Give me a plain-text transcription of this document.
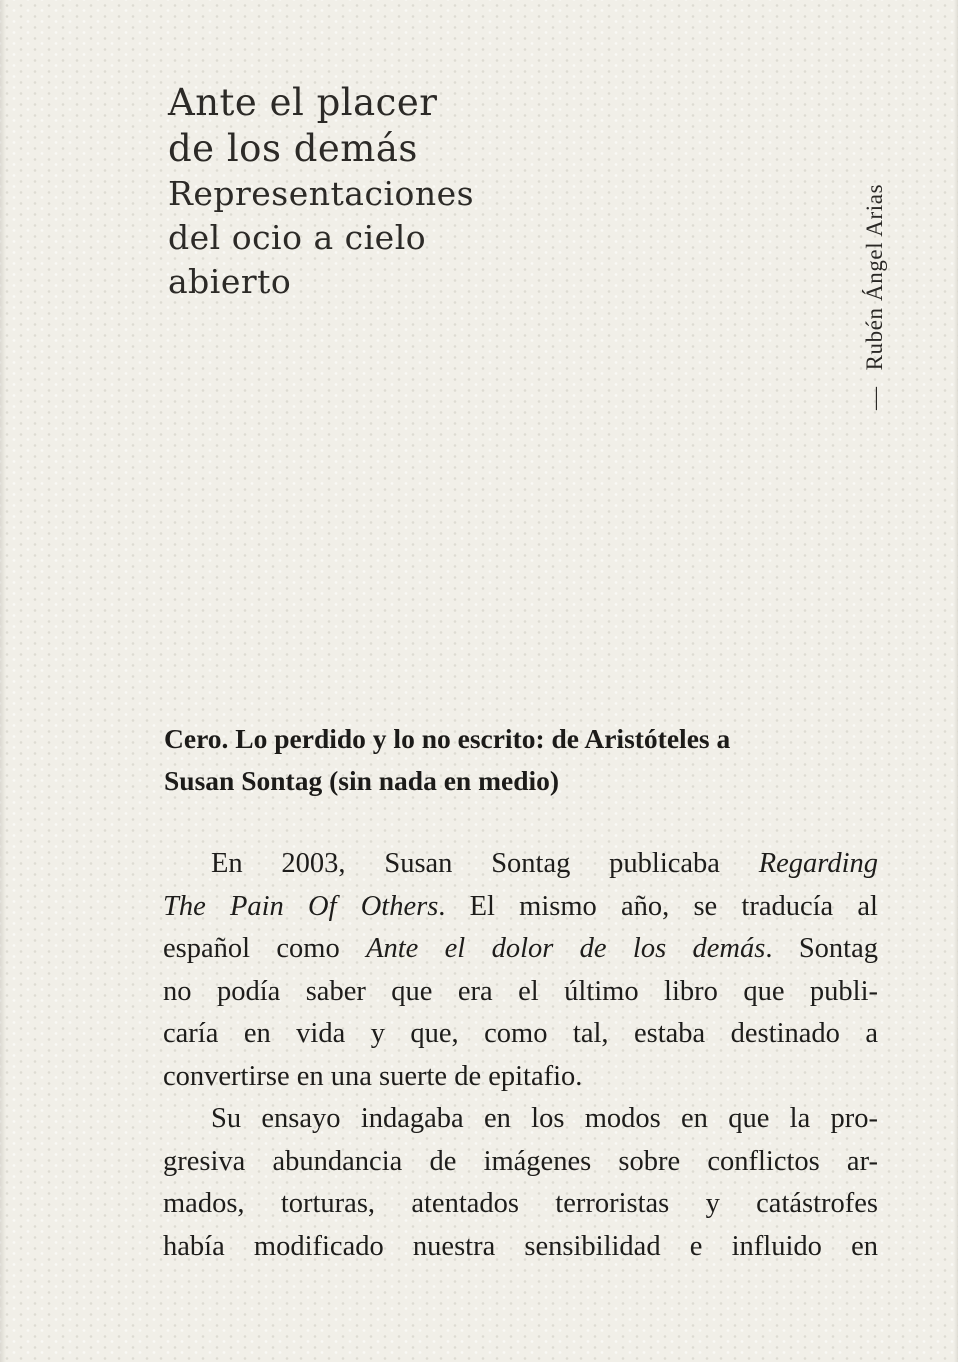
Ante el placer
de los demás
Representaciones
del ocio a cielo
abierto
—
Rubén Ángel Arias
Cero. Lo perdido y lo no escrito: de Aristóteles a
Susan Sontag (sin nada en medio)

En 2003, Susan Sontag publicaba Regarding
The Pain Of Others. El mismo año, se traducía al
español como Ante el dolor de los demás. Sontag
no podía saber que era el último libro que publi-
caría en vida y que, como tal, estaba destinado a
convertirse en una suerte de epitafio.

Su ensayo indagaba en los modos en que la pro-
gresiva abundancia de imágenes sobre conflictos ar-
mados, torturas, atentados terroristas y catástrofes
había modificado nuestra sensibilidad e influido en
